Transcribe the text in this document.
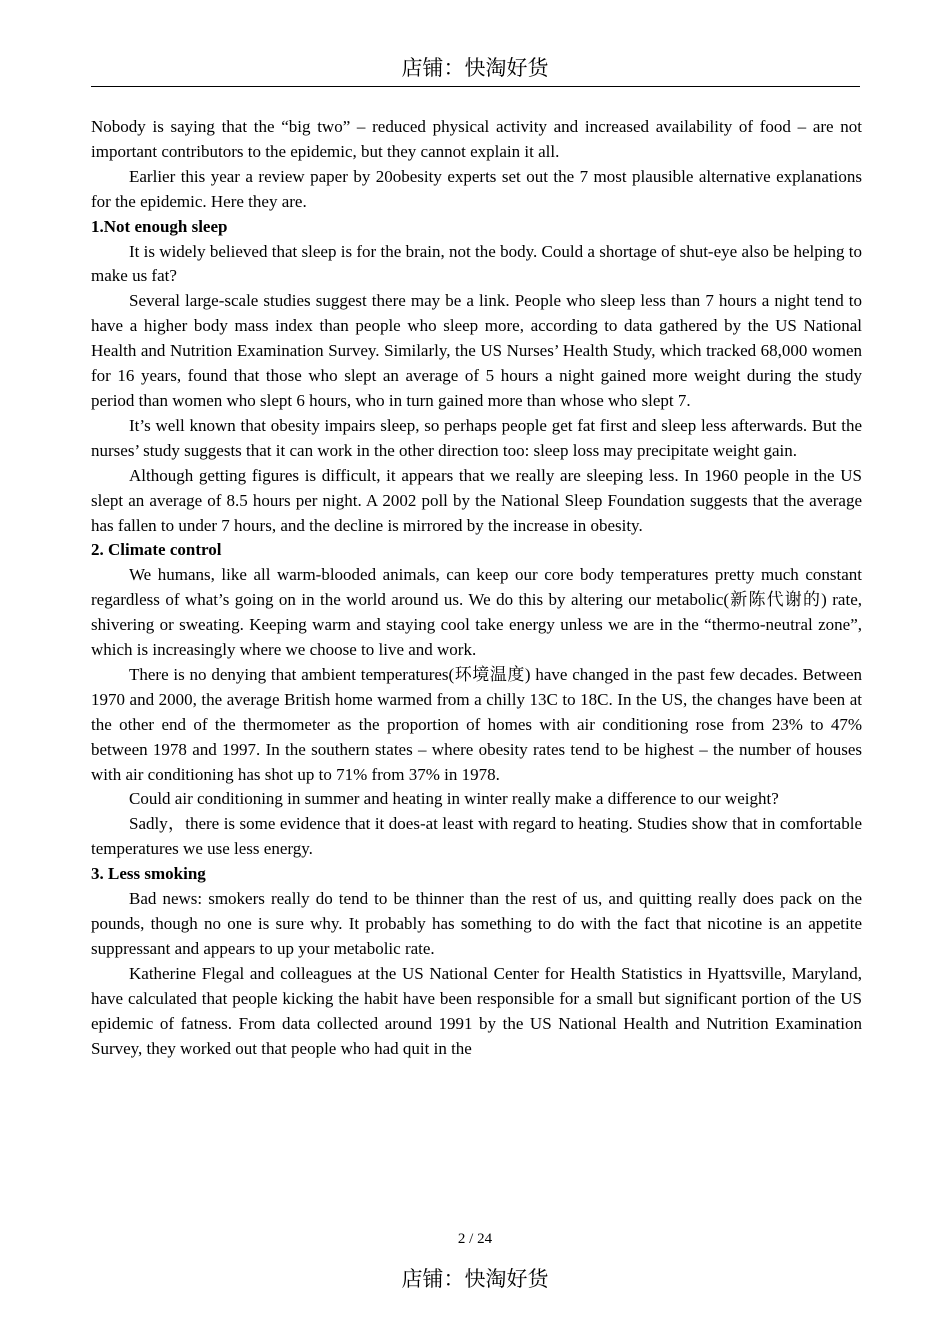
店铺：快淘好货

Nobody is saying that the “big two” – reduced physical activity and increased availability of food – are not important contributors to the epidemic, but they cannot explain it all.

Earlier this year a review paper by 20obesity experts set out the 7 most plausible alternative explanations for the epidemic. Here they are.

1.Not enough sleep

It is widely believed that sleep is for the brain, not the body. Could a shortage of shut-eye also be helping to make us fat?

Several large-scale studies suggest there may be a link. People who sleep less than 7 hours a night tend to have a higher body mass index than people who sleep more, according to data gathered by the US National Health and Nutrition Examination Survey. Similarly, the US Nurses’ Health Study, which tracked 68,000 women for 16 years, found that those who slept an average of 5 hours a night gained more weight during the study period than women who slept 6 hours, who in turn gained more than whose who slept 7.

It’s well known that obesity impairs sleep, so perhaps people get fat first and sleep less afterwards. But the nurses’ study suggests that it can work in the other direction too: sleep loss may precipitate weight gain.

Although getting figures is difficult, it appears that we really are sleeping less. In 1960 people in the US slept an average of 8.5 hours per night. A 2002 poll by the National Sleep Foundation suggests that the average has fallen to under 7 hours, and the decline is mirrored by the increase in obesity.

2. Climate control

We humans, like all warm-blooded animals, can keep our core body temperatures pretty much constant regardless of what’s going on in the world around us. We do this by altering our metabolic(新陈代谢的) rate, shivering or sweating. Keeping warm and staying cool take energy unless we are in the “thermo-neutral zone”, which is increasingly where we choose to live and work.

There is no denying that ambient temperatures(环境温度) have changed in the past few decades. Between 1970 and 2000, the average British home warmed from a chilly 13C to 18C. In the US, the changes have been at the other end of the thermometer as the proportion of homes with air conditioning rose from 23% to 47% between 1978 and 1997. In the southern states – where obesity rates tend to be highest – the number of houses with air conditioning has shot up to 71% from 37% in 1978.

Could air conditioning in summer and heating in winter really make a difference to our weight?

Sadly，there is some evidence that it does-at least with regard to heating. Studies show that in comfortable temperatures we use less energy.

3. Less smoking

Bad news: smokers really do tend to be thinner than the rest of us, and quitting really does pack on the pounds, though no one is sure why. It probably has something to do with the fact that nicotine is an appetite suppressant and appears to up your metabolic rate.

Katherine Flegal and colleagues at the US National Center for Health Statistics in Hyattsville, Maryland, have calculated that people kicking the habit have been responsible for a small but significant portion of the US epidemic of fatness. From data collected around 1991 by the US National Health and Nutrition Examination Survey, they worked out that people who had quit in the

2 / 24
店铺：快淘好货
